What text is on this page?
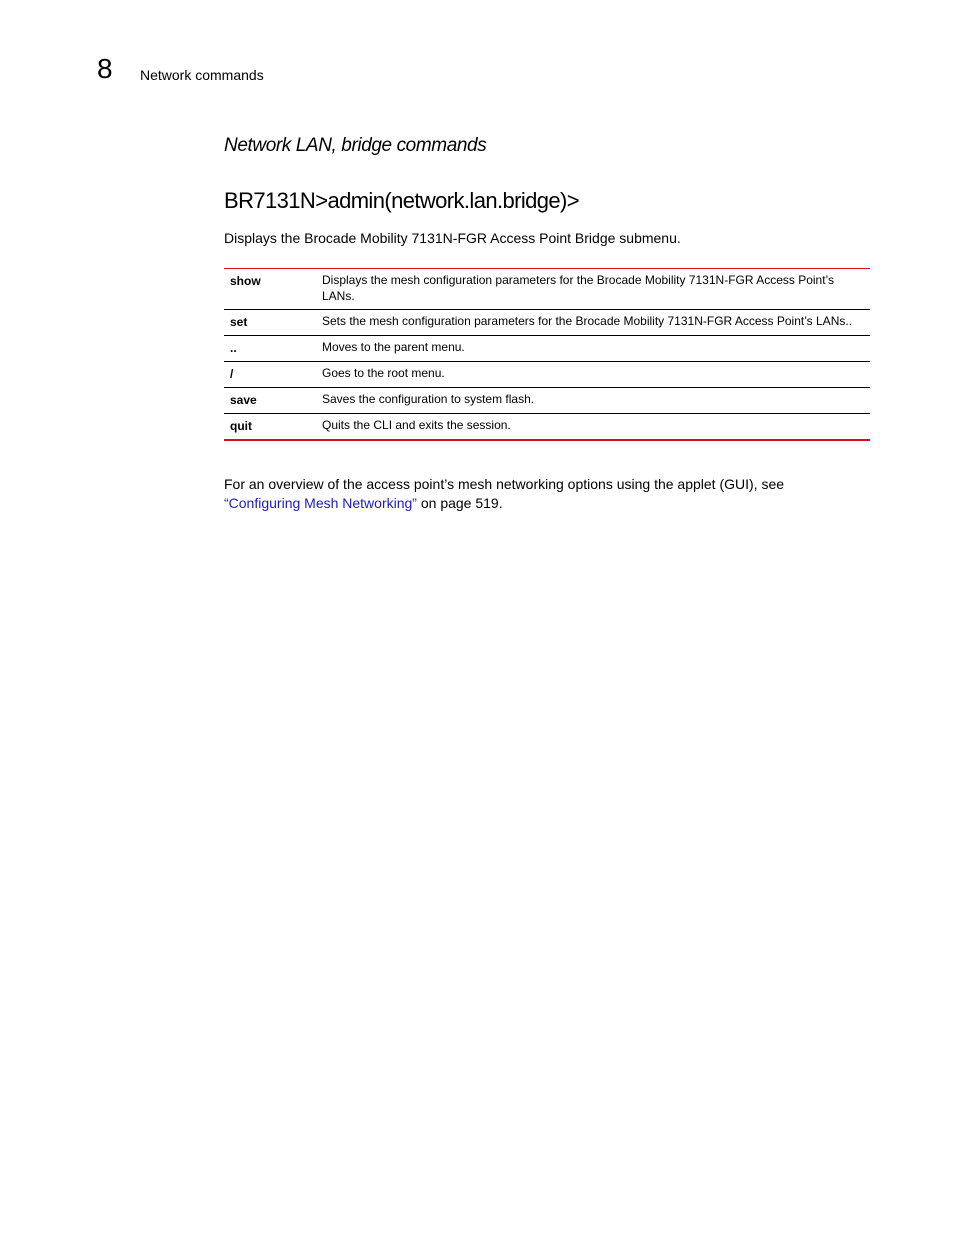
8 Network commands
Network LAN, bridge commands
BR7131N>admin(network.lan.bridge)>
Displays the Brocade Mobility 7131N-FGR Access Point Bridge submenu.
show	Displays the mesh configuration parameters for the Brocade Mobility 7131N-FGR Access Point’s LANs.
set	Sets the mesh configuration parameters for the Brocade Mobility 7131N-FGR Access Point’s LANs..
..	Moves to the parent menu.
/	Goes to the root menu.
save	Saves the configuration to system flash.
quit	Quits the CLI and exits the session.
For an overview of the access point’s mesh networking options using the applet (GUI), see “Configuring Mesh Networking” on page 519.
